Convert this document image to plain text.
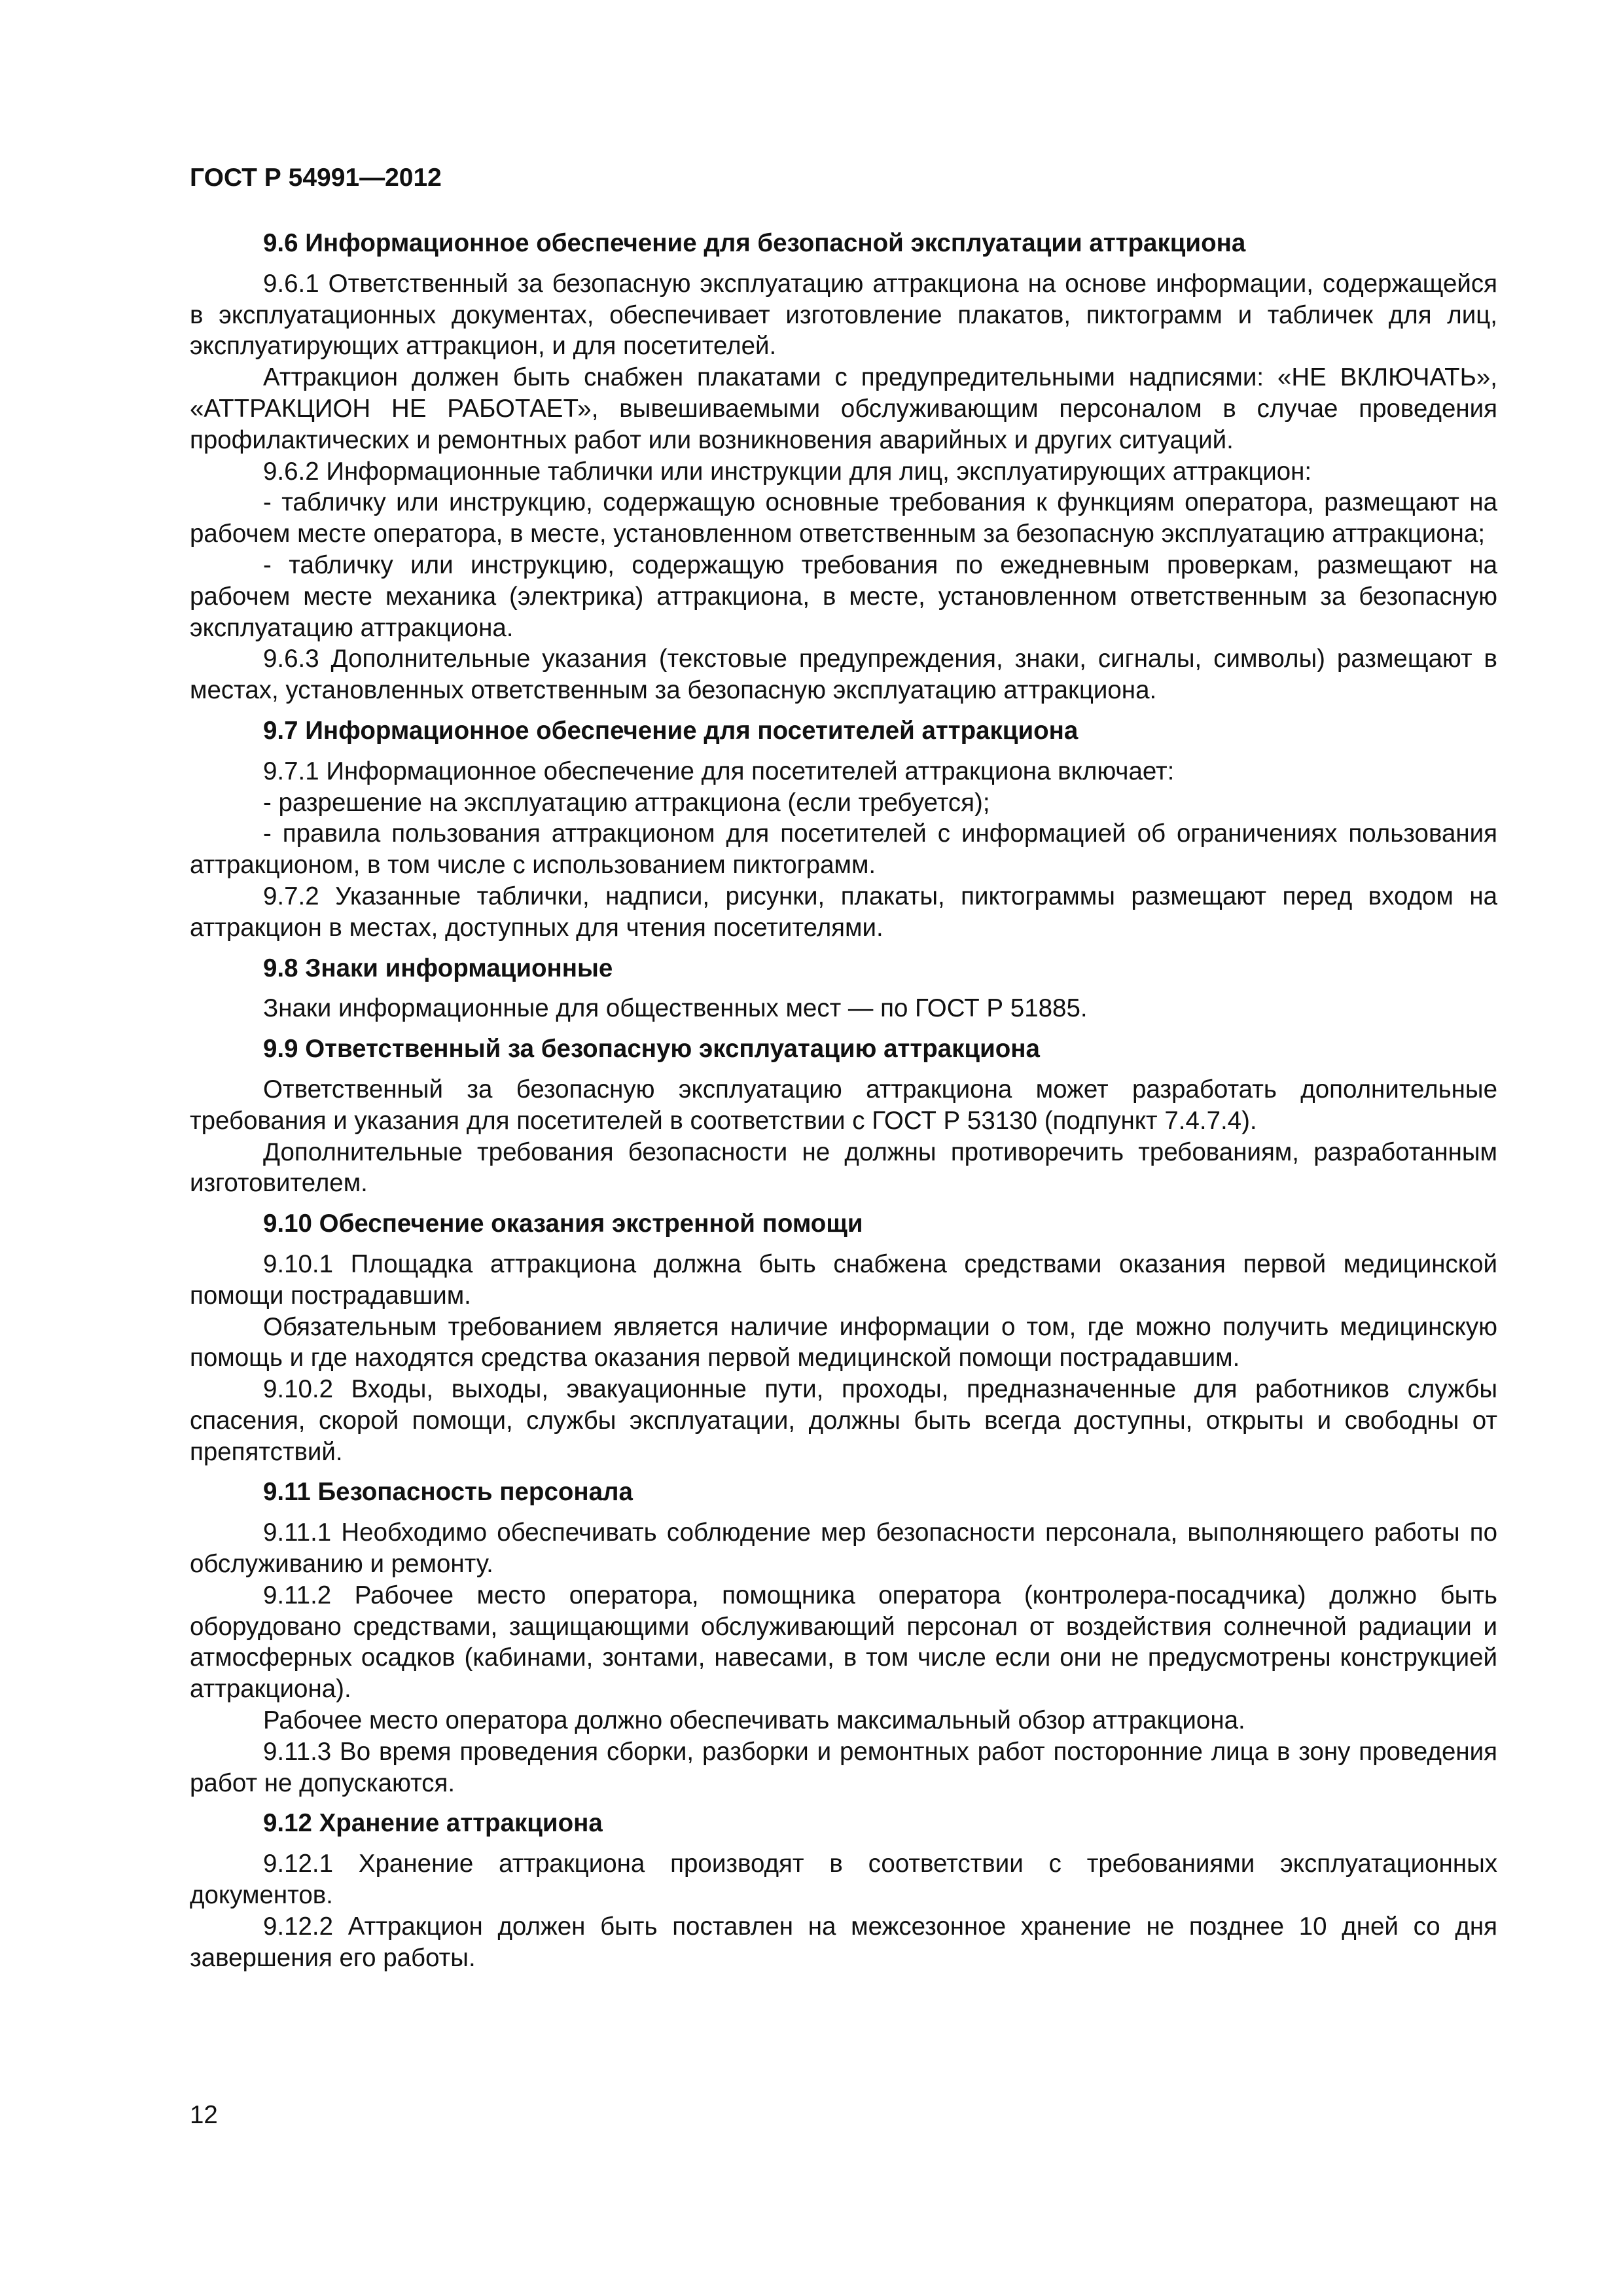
ГОСТ Р 54991—2012
9.6 Информационное обеспечение для безопасной эксплуатации аттракциона

9.6.1 Ответственный за безопасную эксплуатацию аттракциона на основе информации, содержащейся в эксплуатационных документах, обеспечивает изготовление плакатов, пиктограмм и табличек для лиц, эксплуатирующих аттракцион, и для посетителей.

Аттракцион должен быть снабжен плакатами с предупредительными надписями: «НЕ ВКЛЮЧАТЬ», «АТТРАКЦИОН НЕ РАБОТАЕТ», вывешиваемыми обслуживающим персоналом в случае проведения профилактических и ремонтных работ или возникновения аварийных и других ситуаций.

9.6.2 Информационные таблички или инструкции для лиц, эксплуатирующих аттракцион:

- табличку или инструкцию, содержащую основные требования к функциям оператора, размещают на рабочем месте оператора, в месте, установленном ответственным за безопасную эксплуатацию аттракциона;

- табличку или инструкцию, содержащую требования по ежедневным проверкам, размещают на рабочем месте механика (электрика) аттракциона, в месте, установленном ответственным за безопасную эксплуатацию аттракциона.

9.6.3 Дополнительные указания (текстовые предупреждения, знаки, сигналы, символы) размещают в местах, установленных ответственным за безопасную эксплуатацию аттракциона.

9.7 Информационное обеспечение для посетителей аттракциона

9.7.1 Информационное обеспечение для посетителей аттракциона включает:

- разрешение на эксплуатацию аттракциона (если требуется);

- правила пользования аттракционом для посетителей с информацией об ограничениях пользования аттракционом, в том числе с использованием пиктограмм.

9.7.2 Указанные таблички, надписи, рисунки, плакаты, пиктограммы размещают перед входом на аттракцион в местах, доступных для чтения посетителями.

9.8 Знаки информационные

Знаки информационные для общественных мест — по ГОСТ Р 51885.

9.9 Ответственный за безопасную эксплуатацию аттракциона

Ответственный за безопасную эксплуатацию аттракциона может разработать дополнительные требования и указания для посетителей в соответствии с ГОСТ Р 53130 (подпункт 7.4.7.4).

Дополнительные требования безопасности не должны противоречить требованиям, разработанным изготовителем.

9.10 Обеспечение оказания экстренной помощи

9.10.1 Площадка аттракциона должна быть снабжена средствами оказания первой медицинской помощи пострадавшим.

Обязательным требованием является наличие информации о том, где можно получить медицинскую помощь и где находятся средства оказания первой медицинской помощи пострадавшим.

9.10.2 Входы, выходы, эвакуационные пути, проходы, предназначенные для работников службы спасения, скорой помощи, службы эксплуатации, должны быть всегда доступны, открыты и свободны от препятствий.

9.11 Безопасность персонала

9.11.1 Необходимо обеспечивать соблюдение мер безопасности персонала, выполняющего работы по обслуживанию и ремонту.

9.11.2 Рабочее место оператора, помощника оператора (контролера-посадчика) должно быть оборудовано средствами, защищающими обслуживающий персонал от воздействия солнечной радиации и атмосферных осадков (кабинами, зонтами, навесами, в том числе если они не предусмотрены конструкцией аттракциона).

Рабочее место оператора должно обеспечивать максимальный обзор аттракциона.

9.11.3 Во время проведения сборки, разборки и ремонтных работ посторонние лица в зону проведения работ не допускаются.

9.12 Хранение аттракциона

9.12.1 Хранение аттракциона производят в соответствии с требованиями эксплуатационных документов.

9.12.2 Аттракцион должен быть поставлен на межсезонное хранение не позднее 10 дней со дня завершения его работы.

12
